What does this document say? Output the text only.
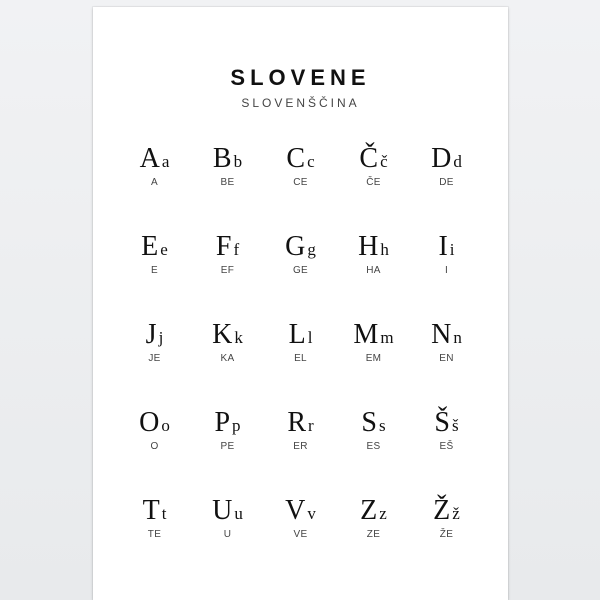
SLOVENE
SLOVENŠČINA
Aa
A
Bb
BE
Cc
CE
Čč
ČE
Dd
DE
Ee
E
Ff
EF
Gg
GE
Hh
HA
Ii
I
Jj
JE
Kk
KA
Ll
EL
Mm
EM
Nn
EN
Oo
O
Pp
PE
Rr
ER
Ss
ES
Šš
EŠ
Tt
TE
Uu
U
Vv
VE
Zz
ZE
Žž
ŽE
